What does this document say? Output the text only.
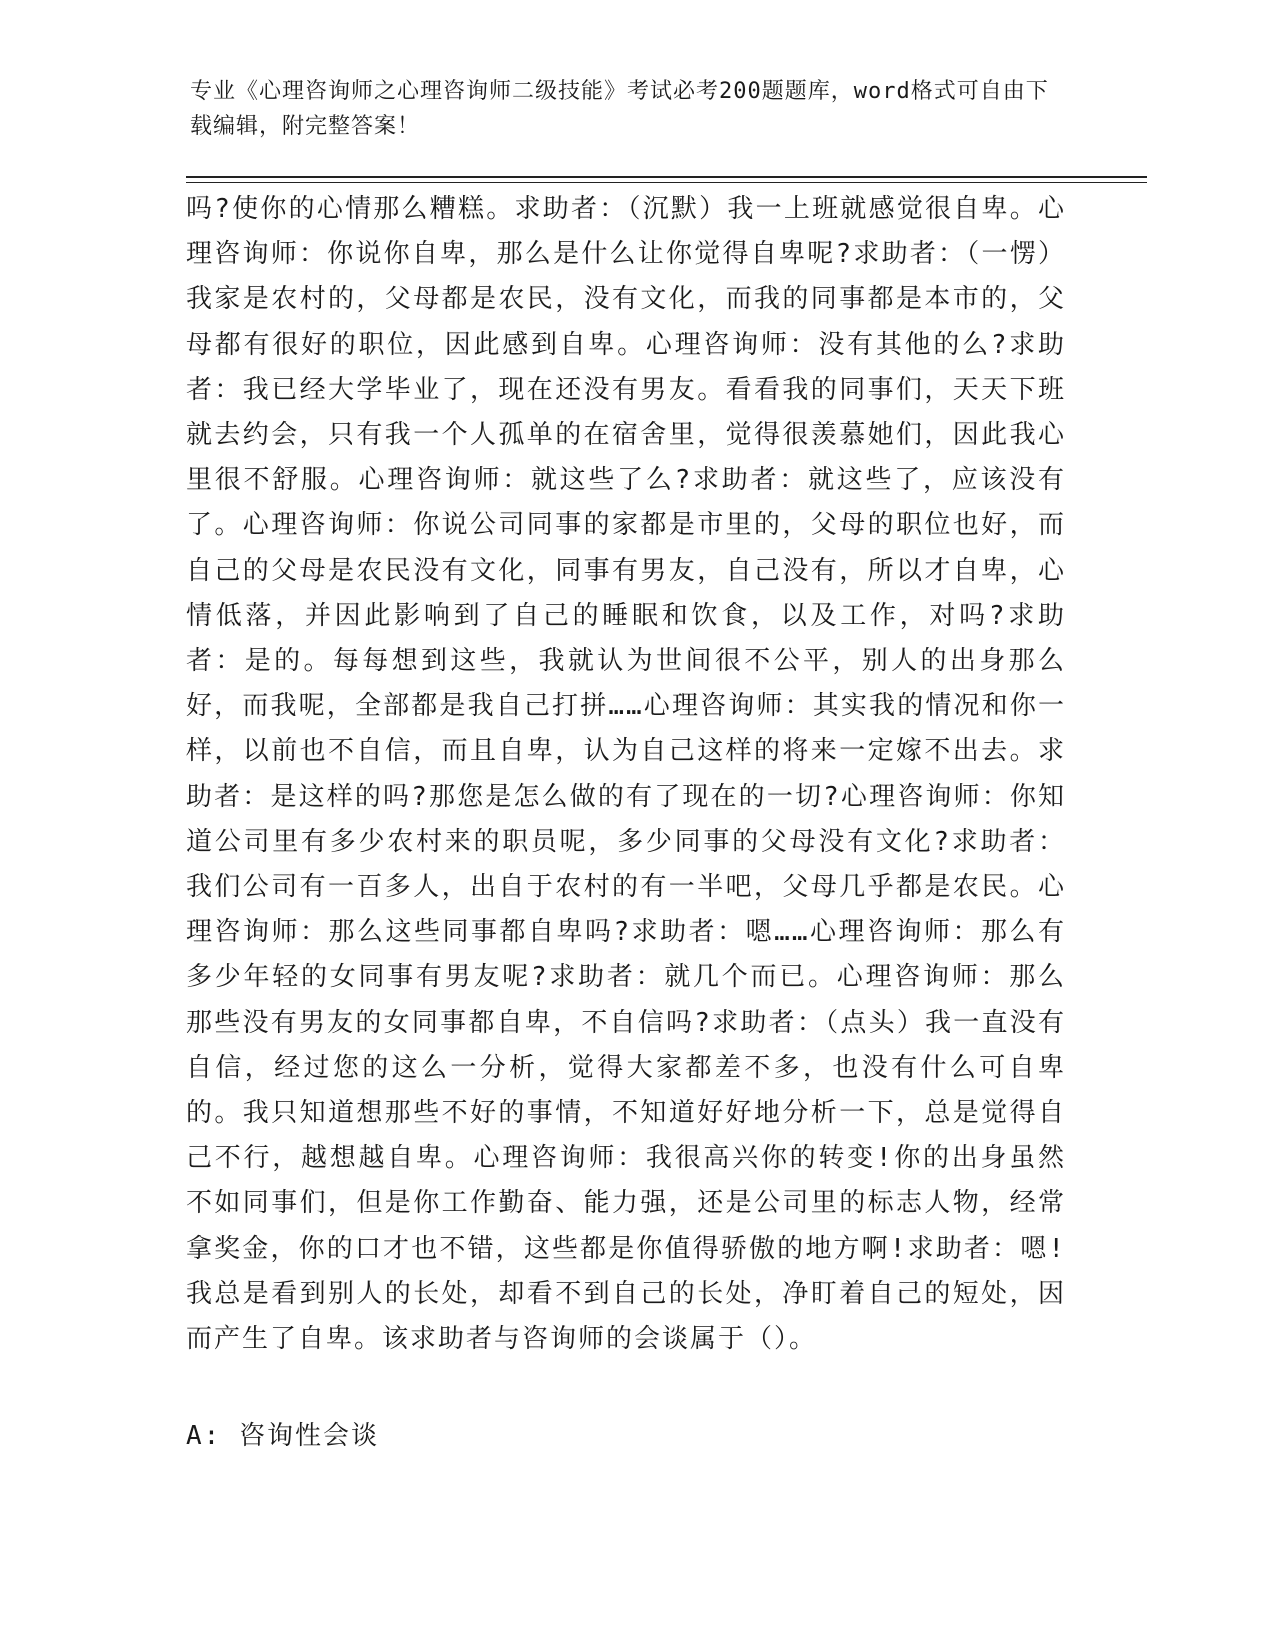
专业《心理咨询师之心理咨询师二级技能》考试必考200题题库，word格式可自由下载编辑，附完整答案！
吗?使你的心情那么糟糕。求助者：（沉默）我一上班就感觉很自卑。心理咨询师：你说你自卑，那么是什么让你觉得自卑呢?求助者：（一愣）我家是农村的，父母都是农民，没有文化，而我的同事都是本市的，父母都有很好的职位，因此感到自卑。心理咨询师：没有其他的么?求助者：我已经大学毕业了，现在还没有男友。看看我的同事们，天天下班就去约会，只有我一个人孤单的在宿舍里，觉得很羡慕她们，因此我心里很不舒服。心理咨询师：就这些了么?求助者：就这些了，应该没有了。心理咨询师：你说公司同事的家都是市里的，父母的职位也好，而自己的父母是农民没有文化，同事有男友，自己没有，所以才自卑，心情低落，并因此影响到了自己的睡眠和饮食，以及工作，对吗?求助者：是的。每每想到这些，我就认为世间很不公平，别人的出身那么好，而我呢，全部都是我自己打拼……心理咨询师：其实我的情况和你一样，以前也不自信，而且自卑，认为自己这样的将来一定嫁不出去。求助者：是这样的吗?那您是怎么做的有了现在的一切?心理咨询师：你知道公司里有多少农村来的职员呢，多少同事的父母没有文化?求助者：我们公司有一百多人，出自于农村的有一半吧，父母几乎都是农民。心理咨询师：那么这些同事都自卑吗?求助者：嗯……心理咨询师：那么有多少年轻的女同事有男友呢?求助者：就几个而已。心理咨询师：那么那些没有男友的女同事都自卑，不自信吗?求助者：（点头）我一直没有自信，经过您的这么一分析，觉得大家都差不多，也没有什么可自卑的。我只知道想那些不好的事情，不知道好好地分析一下，总是觉得自己不行，越想越自卑。心理咨询师：我很高兴你的转变!你的出身虽然不如同事们，但是你工作勤奋、能力强，还是公司里的标志人物，经常拿奖金，你的口才也不错，这些都是你值得骄傲的地方啊!求助者：嗯!我总是看到别人的长处，却看不到自己的长处，净盯着自己的短处，因而产生了自卑。该求助者与咨询师的会谈属于（）。
A: 咨询性会谈
